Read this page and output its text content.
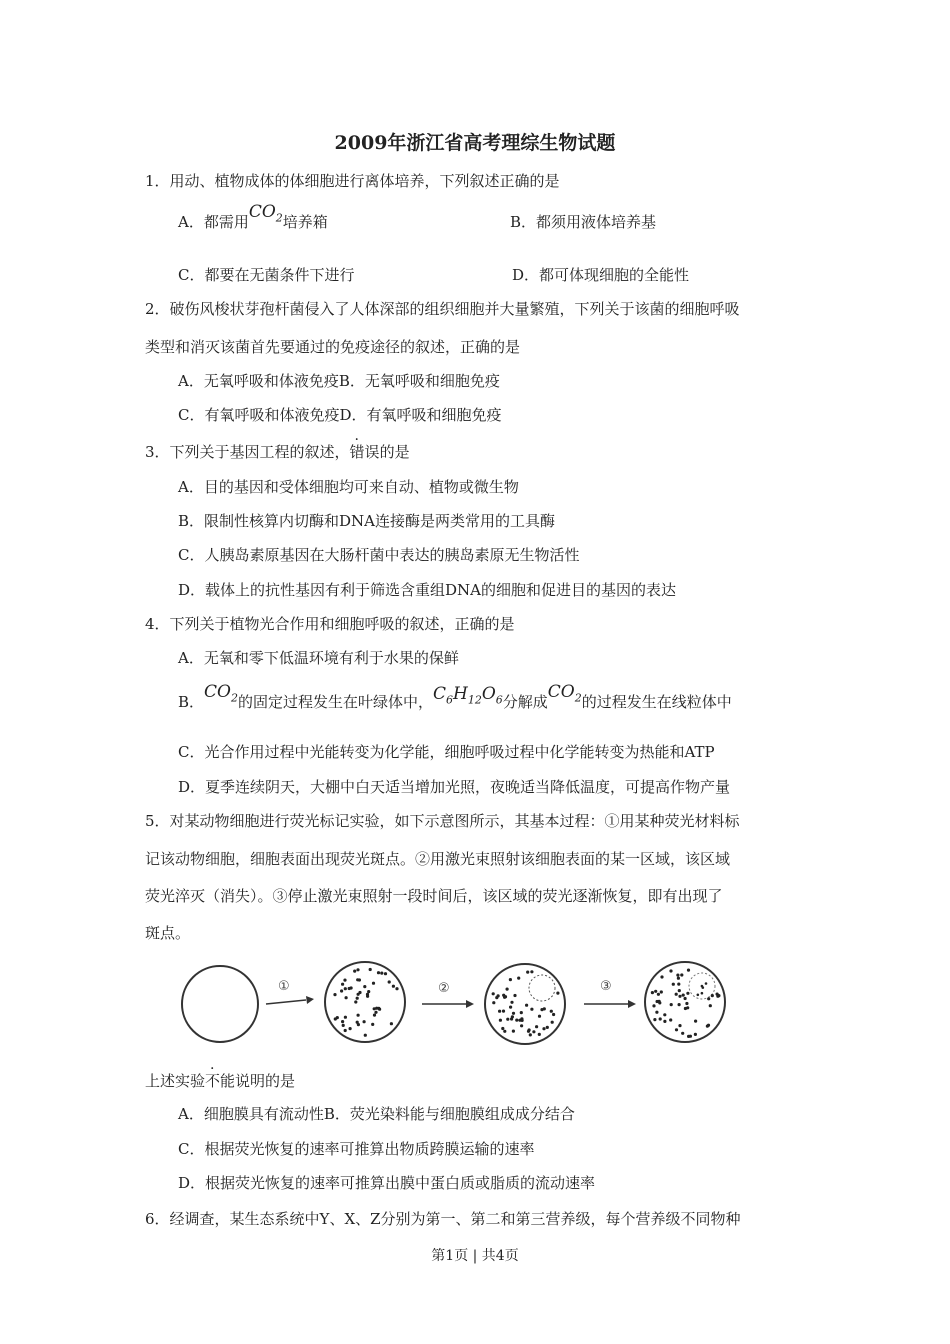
2009年浙江省高考理综生物试题
1．用动、植物成体的体细胞进行离体培养，下列叙述正确的是
A．都需用$CO_2$培养箱	B．都须用液体培养基
C．都要在无菌条件下进行	D．都可体现细胞的全能性
2．破伤风梭状芽孢杆菌侵入了人体深部的组织细胞并大量繁殖，下列关于该菌的细胞呼吸
类型和消灭该菌首先要通过的免疫途径的叙述，正确的是
A．无氧呼吸和体液免疫B．无氧呼吸和细胞免疫
C．有氧呼吸和体液免疫D．有氧呼吸和细胞免疫
3．下列关于基因工程的叙述，错误的是
A．目的基因和受体细胞均可来自动、植物或微生物
B．限制性核算内切酶和DNA连接酶是两类常用的工具酶
C．人胰岛素原基因在大肠杆菌中表达的胰岛素原无生物活性
D．载体上的抗性基因有利于筛选含重组DNA的细胞和促进目的基因的表达
4．下列关于植物光合作用和细胞呼吸的叙述，正确的是
A．无氧和零下低温环境有利于水果的保鲜
B．$CO_2$的固定过程发生在叶绿体中，$C_6H_{12}O_6$分解成$CO_2$的过程发生在线粒体中
C．光合作用过程中光能转变为化学能，细胞呼吸过程中化学能转变为热能和ATP
D．夏季连续阴天，大棚中白天适当增加光照，夜晚适当降低温度，可提高作物产量
5．对某动物细胞进行荧光标记实验，如下示意图所示，其基本过程：①用某种荧光材料标
记该动物细胞，细胞表面出现荧光斑点。②用激光束照射该细胞表面的某一区域，该区域
荧光淬灭（消失）。③停止激光束照射一段时间后，该区域的荧光逐渐恢复，即有出现了
斑点。
①	②	③
上述实验不能说明的是
A．细胞膜具有流动性B．荧光染料能与细胞膜组成成分结合
C．根据荧光恢复的速率可推算出物质跨膜运输的速率
D．根据荧光恢复的速率可推算出膜中蛋白质或脂质的流动速率
6．经调查，某生态系统中Y、X、Z分别为第一、第二和第三营养级，每个营养级不同物种
第1页 | 共4页
